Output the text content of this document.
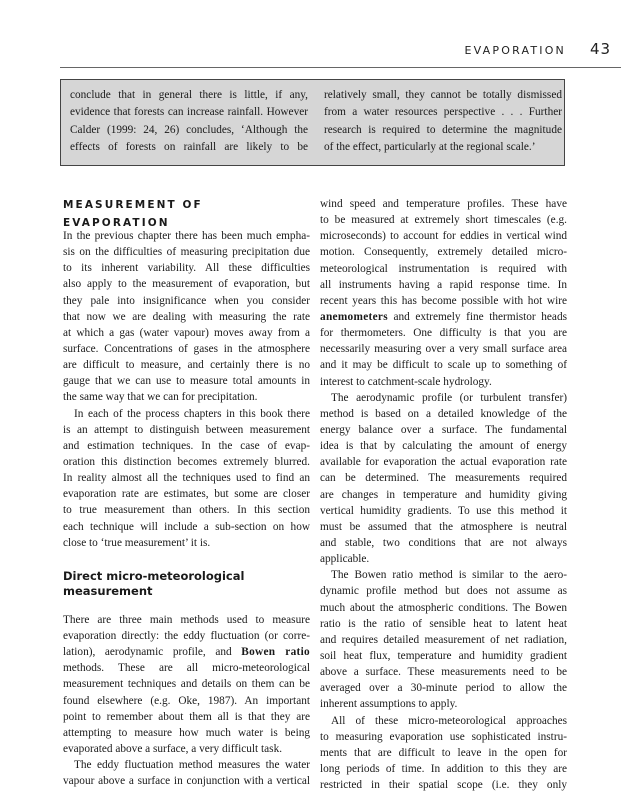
EVAPORATION 43
conclude that in general there is little, if any,
evidence that forests can increase rainfall. However
Calder (1999: 24, 26) concludes, ‘Although the
effects of forests on rainfall are likely to be
relatively small, they cannot be totally dismissed
from a water resources perspective . . . Further
research is required to determine the magnitude
of the effect, particularly at the regional scale.’
MEASUREMENT OF EVAPORATION
In the previous chapter there has been much empha-
sis on the difficulties of measuring precipitation due
to its inherent variability. All these difficulties
also apply to the measurement of evaporation, but
they pale into insignificance when you consider
that now we are dealing with measuring the rate
at which a gas (water vapour) moves away from a
surface. Concentrations of gases in the atmosphere
are difficult to measure, and certainly there is no
gauge that we can use to measure total amounts in
the same way that we can for precipitation.
In each of the process chapters in this book there
is an attempt to distinguish between measurement
and estimation techniques. In the case of evap-
oration this distinction becomes extremely blurred.
In reality almost all the techniques used to find an
evaporation rate are estimates, but some are closer
to true measurement than others. In this section
each technique will include a sub-section on how
close to ‘true measurement’ it is.
Direct micro-meteorological
measurement
There are three main methods used to measure
evaporation directly: the eddy fluctuation (or corre-
lation), aerodynamic profile, and Bowen ratio
methods. These are all micro-meteorological
measurement techniques and details on them can be
found elsewhere (e.g. Oke, 1987). An important
point to remember about them all is that they are
attempting to measure how much water is being
evaporated above a surface, a very difficult task.
The eddy fluctuation method measures the water
vapour above a surface in conjunction with a vertical
wind speed and temperature profiles. These have
to be measured at extremely short timescales (e.g.
microseconds) to account for eddies in vertical wind
motion. Consequently, extremely detailed micro-
meteorological instrumentation is required with
all instruments having a rapid response time. In
recent years this has become possible with hot wire
anemometers and extremely fine thermistor heads
for thermometers. One difficulty is that you are
necessarily measuring over a very small surface area
and it may be difficult to scale up to something of
interest to catchment-scale hydrology.
The aerodynamic profile (or turbulent transfer)
method is based on a detailed knowledge of the
energy balance over a surface. The fundamental
idea is that by calculating the amount of energy
available for evaporation the actual evaporation rate
can be determined. The measurements required
are changes in temperature and humidity giving
vertical humidity gradients. To use this method it
must be assumed that the atmosphere is neutral
and stable, two conditions that are not always
applicable.
The Bowen ratio method is similar to the aero-
dynamic profile method but does not assume as
much about the atmospheric conditions. The Bowen
ratio is the ratio of sensible heat to latent heat
and requires detailed measurement of net radiation,
soil heat flux, temperature and humidity gradient
above a surface. These measurements need to be
averaged over a 30-minute period to allow the
inherent assumptions to apply.
All of these micro-meteorological approaches
to measuring evaporation use sophisticated instru-
ments that are difficult to leave in the open for
long periods of time. In addition to this they are
restricted in their spatial scope (i.e. they only
